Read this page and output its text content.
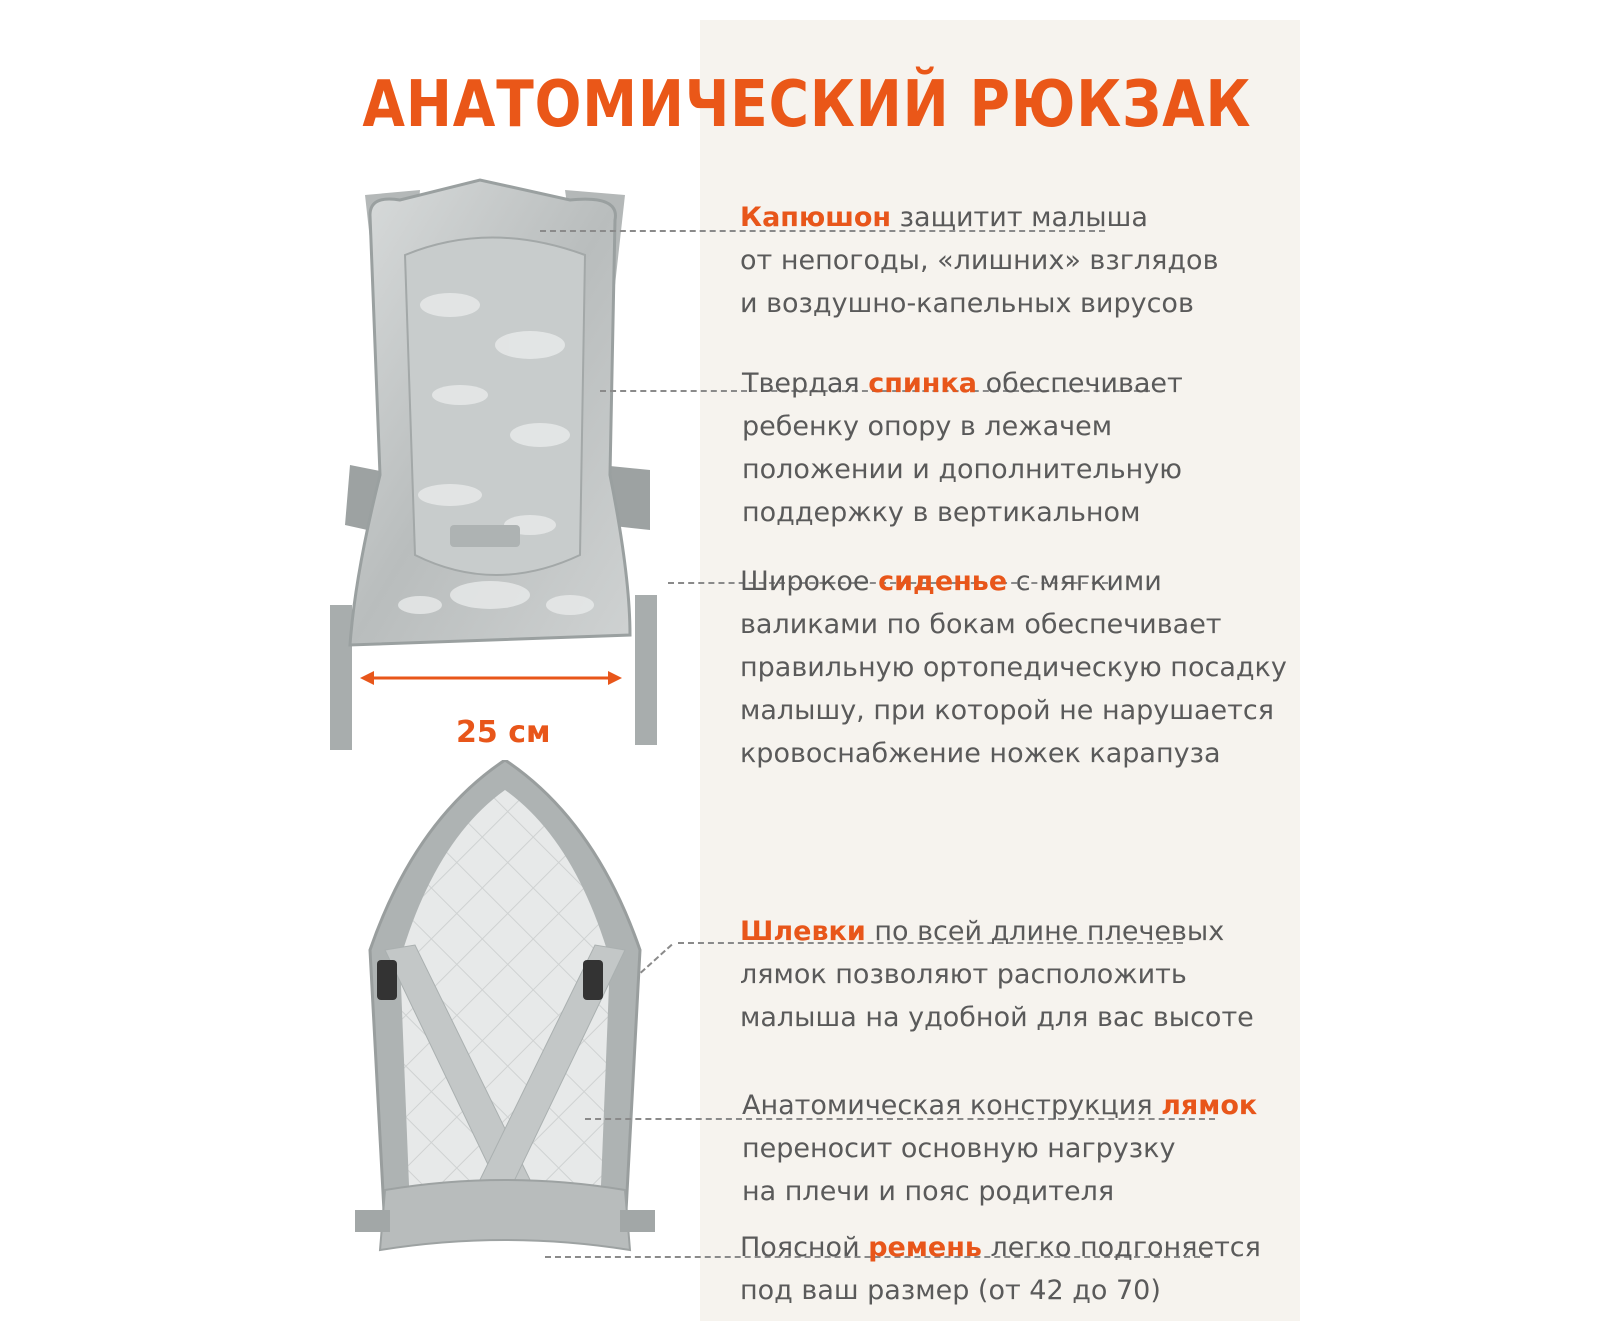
АНАТОМИЧЕСКИЙ РЮКЗАК
25 см
Капюшон защитит малыша
от непогоды, «лишних» взглядов
и воздушно-капельных вирусов
Твердая спинка обеспечивает
ребенку опору в лежачем
положении и дополнительную
поддержку в вертикальном
Широкое сиденье с мягкими
валиками по бокам обеспечивает
правильную ортопедическую посадку
малышу, при которой не нарушается
кровоснабжение ножек карапуза
Шлевки по всей длине плечевых
лямок позволяют расположить
малыша на удобной для вас высоте
Анатомическая конструкция лямок
переносит основную нагрузку
на плечи и пояс родителя
Поясной ремень легко подгоняется
под ваш размер (от 42 до 70)
